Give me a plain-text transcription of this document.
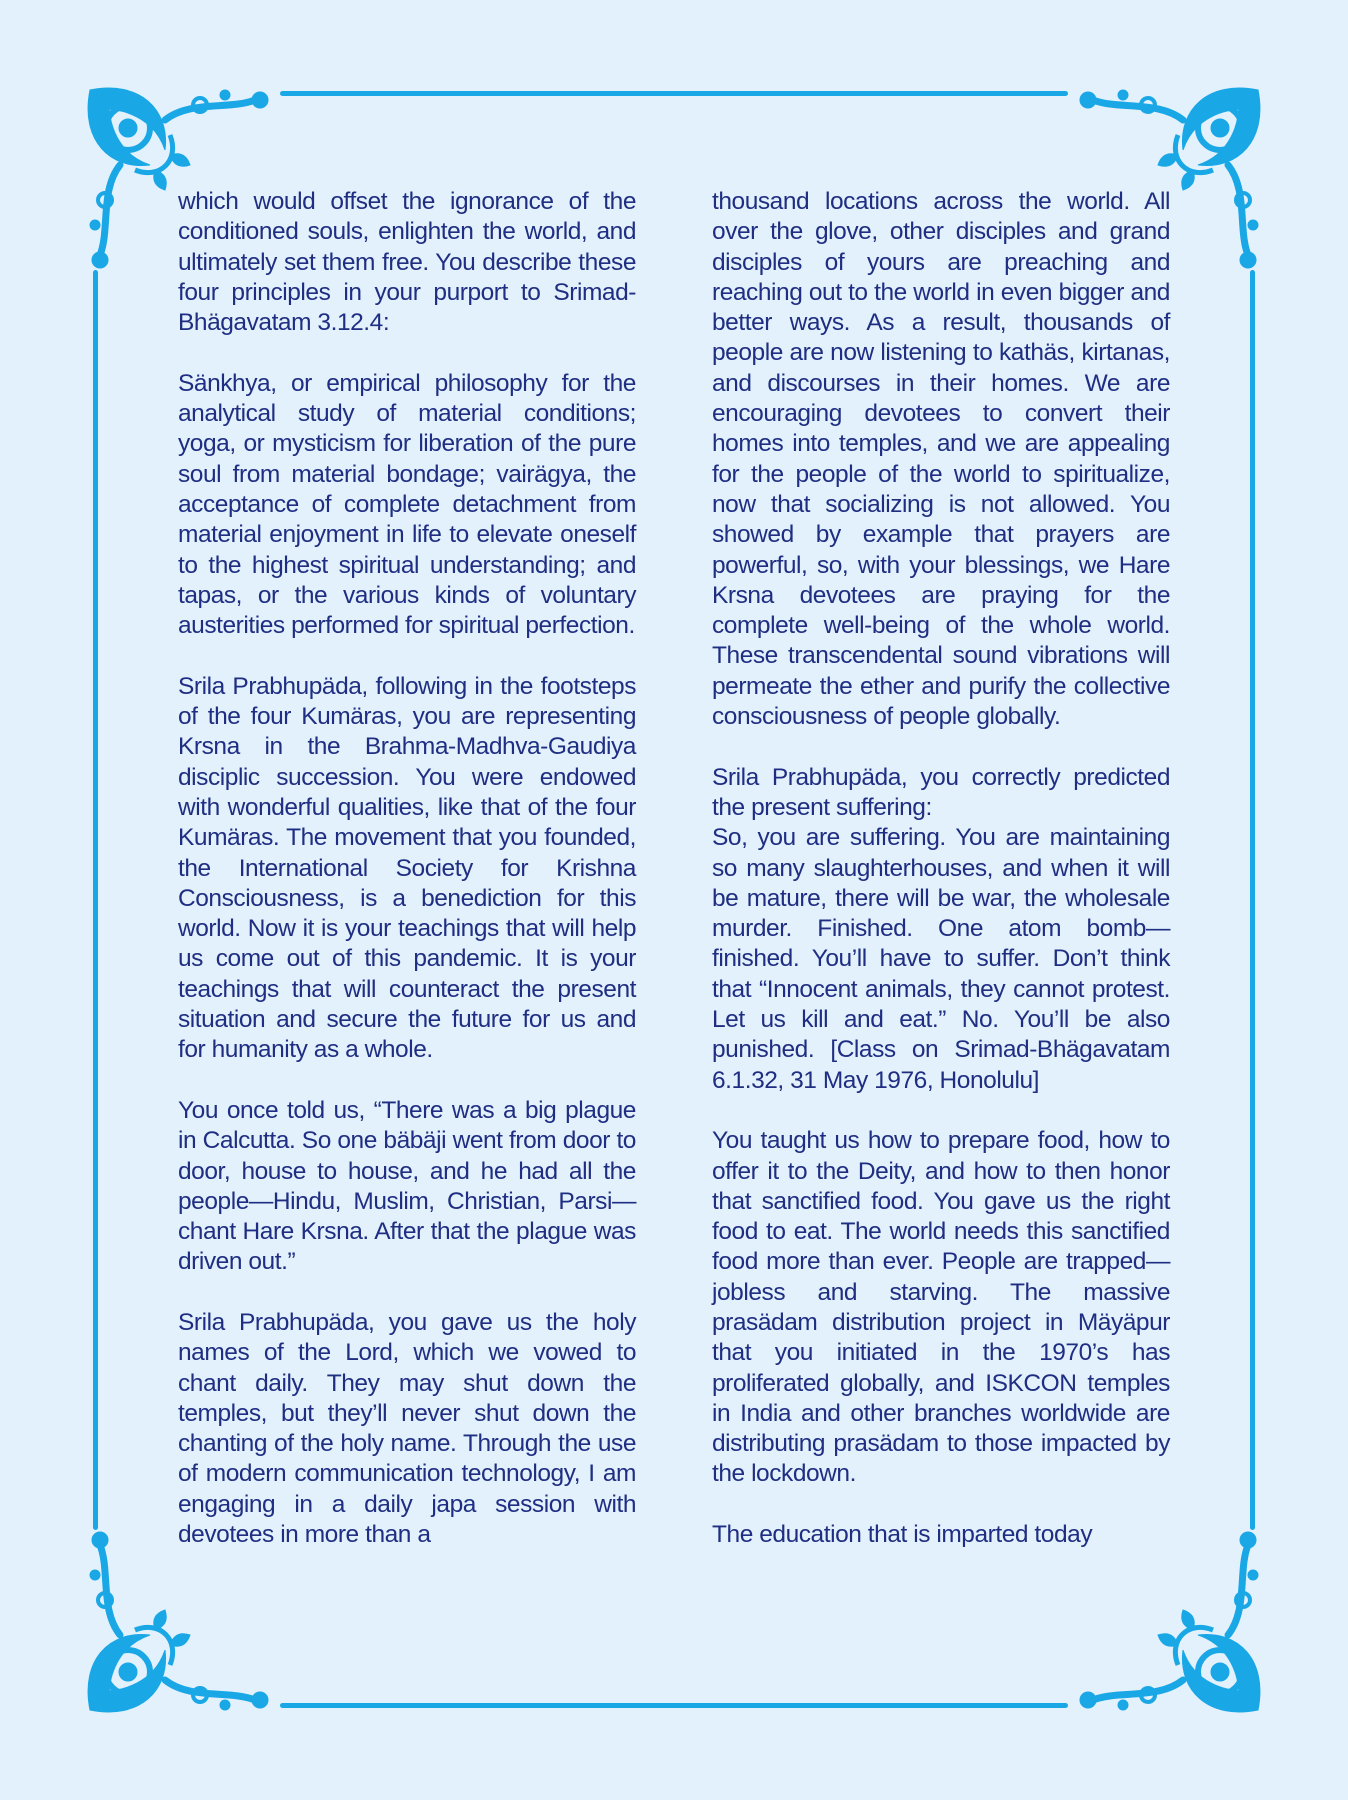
which would offset the ignorance of the conditioned souls, enlighten the world, and ultimately set them free. You describe these four principles in your purport to Srimad-Bhägavatam 3.12.4:

Sänkhya, or empirical philosophy for the analytical study of material conditions; yoga, or mysticism for liberation of the pure soul from material bondage; vairägya, the acceptance of complete detachment from material enjoyment in life to elevate oneself to the highest spiritual understanding; and tapas, or the various kinds of voluntary austerities performed for spiritual perfection.

Srila Prabhupäda, following in the footsteps of the four Kumäras, you are representing Krsna in the Brahma-Madhva-Gaudiya disciplic succession. You were endowed with wonderful qualities, like that of the four Kumäras. The movement that you founded, the International Society for Krishna Consciousness, is a benediction for this world. Now it is your teachings that will help us come out of this pandemic. It is your teachings that will counteract the present situation and secure the future for us and for humanity as a whole.

You once told us, “There was a big plague in Calcutta. So one bäbäji went from door to door, house to house, and he had all the people—Hindu, Muslim, Christian, Parsi—chant Hare Krsna. After that the plague was driven out.”

Srila Prabhupäda, you gave us the holy names of the Lord, which we vowed to chant daily. They may shut down the temples, but they’ll never shut down the chanting of the holy name. Through the use of modern communication technology, I am engaging in a daily japa session with devotees in more than a

thousand locations across the world. All over the glove, other disciples and grand disciples of yours are preaching and reaching out to the world in even bigger and better ways. As a result, thousands of people are now listening to kathäs, kirtanas, and discourses in their homes. We are encouraging devotees to convert their homes into temples, and we are appealing for the people of the world to spiritualize, now that socializing is not allowed. You showed by example that prayers are powerful, so, with your blessings, we Hare Krsna devotees are praying for the complete well-being of the whole world. These transcendental sound vibrations will permeate the ether and purify the collective consciousness of people globally.

Srila Prabhupäda, you correctly predicted the present suffering:

So, you are suffering. You are maintaining so many slaughterhouses, and when it will be mature, there will be war, the wholesale murder. Finished. One atom bomb—finished. You’ll have to suffer. Don’t think that “Innocent animals, they cannot protest. Let us kill and eat.” No. You’ll be also punished. [Class on Srimad-Bhägavatam 6.1.32, 31 May 1976, Honolulu]

You taught us how to prepare food, how to offer it to the Deity, and how to then honor that sanctified food. You gave us the right food to eat. The world needs this sanctified food more than ever. People are trapped—jobless and starving. The massive prasädam distribution project in Mäyäpur that you initiated in the 1970’s has proliferated globally, and ISKCON temples in India and other branches worldwide are distributing prasädam to those impacted by the lockdown.

The education that is imparted today
